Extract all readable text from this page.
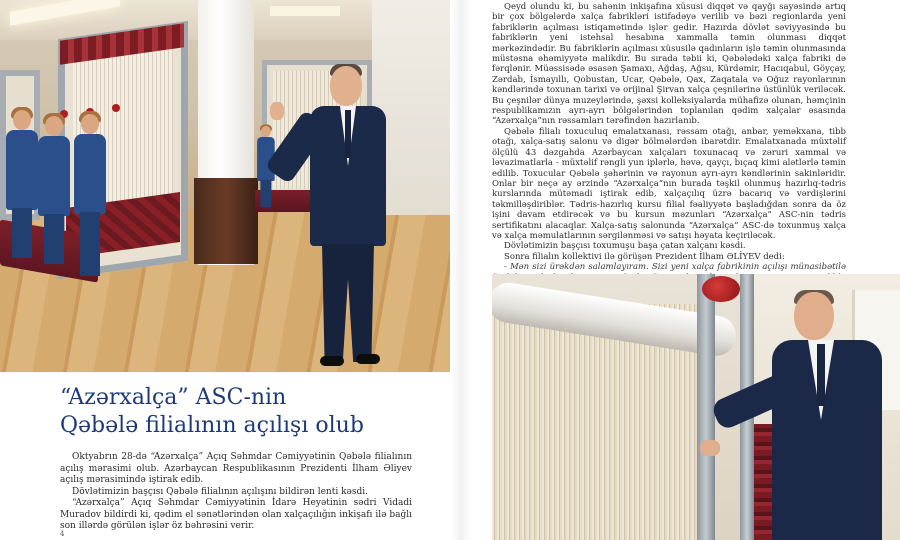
“Azərxalça” ASC-nin
Qəbələ filialının açılışı olub

Oktyabrın 28-də “Azərxalça” Açıq Səhmdar Cəmiyyətinin Qəbələ filialının açılış mərasimi olub. Azərbaycan Respublikasının Prezidenti İlham Əliyev açılış mərasimində iştirak edib.

Dövlətimizin başçısı Qəbələ filialının açılışını bildirən lenti kəsdi.

“Azərxalça” Açıq Səhmdar Cəmiyyətinin İdarə Heyətinin sədri Vidadi Muradov bildirdi ki, qədim el sənətlərindən olan xalçaçılığın inkişafı ilə bağlı son illərdə görülən işlər öz bəhrəsini verir.

4

Qeyd olundu ki, bu sahənin inkişafına xüsusi diqqət və qayğı sayəsində artıq bir çox bölgələrdə xalça fabrikləri istifadəyə verilib və bəzi regionlarda yeni fabriklərin açılması istiqamətində işlər gedir. Hazırda dövlət səviyyəsində bu fabriklərin yeni istehsal hesabına xammalla təmin olunması diqqət mərkəzindədir. Bu fabriklərin açılması xüsusilə qadınların işlə təmin olunmasında müstəsna əhəmiyyətə malikdir. Bu sırada təbii ki, Qəbələdəki xalça fabriki də fərqlənir. Müəssisədə əsasən Şamaxı, Ağdaş, Ağsu, Kürdəmir, Hacıqabul, Göyçay, Zərdab, İsmayıllı, Qobustan, Ucar, Qəbələ, Qax, Zaqatala və Oğuz rayonlarının kəndlərində toxunan tarixi və orijinal Şirvan xalça çeşnilərinə üstünlük veriləcək. Bu çeşnilər dünya muzeylərində, şəxsi kolleksiyalarda mühafizə olunan, həmçinin respublikamızın ayrı-ayrı bölgələrindən toplanılan qədim xalçalar əsasında “Azərxalça”nın rəssamları tərəfindən hazırlanıb.

Qəbələ filialı toxuculuq emalatxanası, rəssam otağı, anbar, yeməkxana, tibb otağı, xalça-satış salonu və digər bölmələrdən ibarətdir. Emalatxanada müxtəlif ölçülü 43 dəzgahda Azərbaycan xalçaları toxunacaq və zəruri xammal və ləvazimatlarla - müxtəlif rəngli yun iplərlə, həvə, qayçı, bıçaq kimi alətlərlə təmin edilib. Toxucular Qəbələ şəhərinin və rayonun ayrı-ayrı kəndlərinin sakinləridir. Onlar bir neçə ay ərzində “Azərxalça”nın burada təşkil olunmuş hazırlıq-tədris kurslarında mütəmadi iştirak edib, xalçaçılıq üzrə bacarıq və vərdişlərini təkmilləşdiriblər. Tədris-hazırlıq kursu filial fəaliyyətə başladığdan sonra da öz işini davam etdirəcək və bu kursun məzunları “Azərxalça” ASC-nin tədris sertifikatını alacaqlar. Xalça-satış salonunda “Azərxalça” ASC-də toxunmuş xalça və xalça məmulatlarının sərgilənməsi və satışı həyata keçiriləcək.

Dövlətimizin başçısı toxumuşu başa çatan xalçanı kəsdi.

Sonra filialın kollektivi ilə görüşən Prezident İlham ƏLİYEV dedi:

- Mən sizi ürəkdən salamlayıram. Sizi yeni xalça fabrikinin açılışı münasibətilə
